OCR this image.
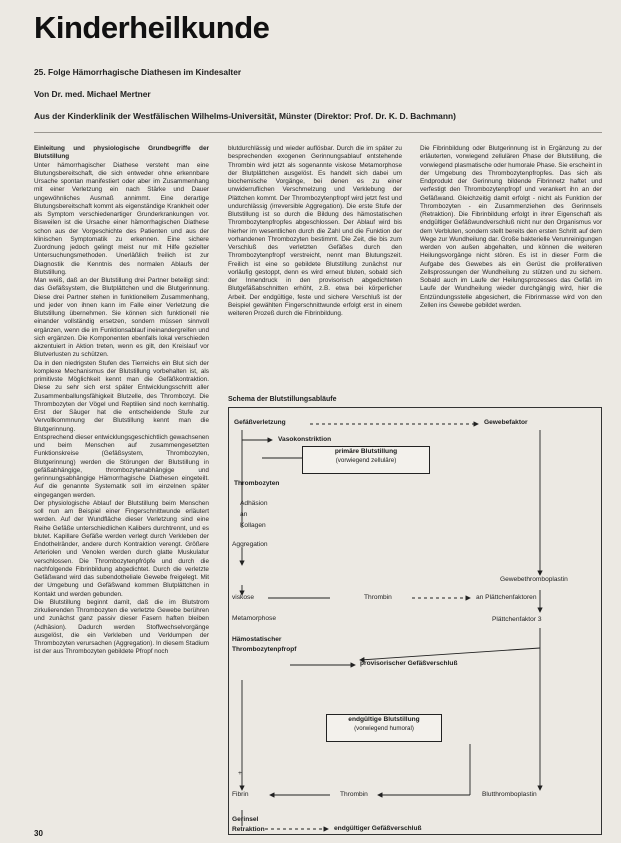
Kinderheilkunde
25. Folge Hämorrhagische Diathesen im Kindesalter
Von Dr. med. Michael Mertner
Aus der Kinderklinik der Westfälischen Wilhelms-Universität, Münster (Direktor: Prof. Dr. K. D. Bachmann)

Einleitung und physiologische Grundbegriffe der Blutstillung

Unter hämorrhagischer Diathese versteht man eine Blutungsbereitschaft, die sich entweder ohne erkennbare Ursache spontan manifestiert oder aber im Zusammenhang mit einer Verletzung ein nach Stärke und Dauer ungewöhnliches Ausmaß annimmt. Eine derartige Blutungsbereitschaft kommt als eigenständige Krankheit oder als Symptom verschiedenartiger Grunderkrankungen vor. Bisweilen ist die Ursache einer hämorrhagischen Diathese schon aus der Vorgeschichte des Patienten und aus der klinischen Symptomatik zu erkennen. Eine sichere Zuordnung jedoch gelingt meist nur mit Hilfe gezielter Untersuchungsmethoden. Unerläßlich freilich ist zur Diagnostik die Kenntnis des normalen Ablaufs der Blutstillung.

Man weiß, daß an der Blutstillung drei Partner beteiligt sind: das Gefäßsystem, die Blutplättchen und die Blutgerinnung. Diese drei Partner stehen in funktionellem Zusammenhang, und jeder von ihnen kann im Falle einer Verletzung die Blutstillung übernehmen. Sie können sich funktionell nie einander vollständig ersetzen, sondern müssen sinnvoll ergänzen, wenn die im Funktionsablauf ineinandergreifen und sich ergänzen. Die Komponenten ebenfalls lokal verschieden akzentuiert in Aktion treten, wenn es gilt, den Kreislauf vor Blutverlusten zu schützen.

Da in den niedrigsten Stufen des Tierreichs ein Blut sich der komplexe Mechanismus der Blutstillung vorbehalten ist, als primitivste Möglichkeit kennt man die Gefäßkontraktion. Diese zu sehr sich erst später Entwicklungsschritt aller Zusammenballungsfähigkeit Blutzelle, des Thrombozyt. Die Thrombozyten der Vögel und Reptilien sind noch kernhaltig. Erst der Säuger hat die entscheidende Stufe zur Vervollkommnung der Blutstillung kennt man die Blutgerinnung.

Entsprechend dieser entwicklungsgeschichtlich gewachsenen und beim Menschen auf zusammengesetzten Funktionskreise (Gefäßsystem, Thrombozyten, Blutgerinnung) werden die Störungen der Blutstillung in gefäßabhängige, thrombozytenabhängige und gerinnungsabhängige Hämorrhagische Diathesen eingeteilt. Auf die genannte Systematik soll im einzelnen später eingegangen werden.

Der physiologische Ablauf der Blutstillung beim Menschen soll nun am Beispiel einer Fingerschnittwunde erläutert werden. Auf der Wundfläche dieser Verletzung sind eine Reihe Gefäße unterschiedlichen Kalibers durchtrennt, und es blutet. Kapillare Gefäße werden verlegt durch Verkleben der Endothelränder, andere durch Kontraktion verengt. Größere Arteriolen und Venolen werden durch glatte Muskulatur verschlossen. Die Thrombozytenpfröpfe und durch die nachfolgende Fibrinbildung abgedichtet. Durch die verletzte Gefäßwand wird das subendotheliale Gewebe freigelegt. Mit der Umgebung und Gefäßwand kommen Blutplättchen in Kontakt und werden gebunden.

Die Blutstillung beginnt damit, daß die im Blutstrom zirkulierenden Thrombozyten die verletzte Gewebe berühren und zunächst ganz passiv dieser Fasern haften bleiben (Adhäsion). Dadurch werden Stoffwechselvorgänge ausgelöst, die ein Verkleben und Verklumpen der Thrombozyten verursachen (Aggregation). In diesem Stadium ist der aus Thrombozyten gebildete Pfropf noch

blutdurchlässig und wieder auflösbar. Durch die im später zu besprechenden exogenen Gerinnungsablauf entstehende Thrombin wird jetzt als sogenannte viskose Metamorphose der Blutplättchen ausgelöst. Es handelt sich dabei um biochemische Vorgänge, bei denen es zu einer unwiderruflichen Verschmelzung und Verklebung der Plättchen kommt. Der Thrombozytenpfropf wird jetzt fest und undurchlässig (irreversible Aggregation). Die erste Stufe der Blutstillung ist so durch die Bildung des hämostatischen Thrombozytenpfropfes abgeschlossen. Der Ablauf wird bis hierher im wesentlichen durch die Zahl und die Funktion der vorhandenen Thrombozyten bestimmt. Die Zeit, die bis zum Verschluß des verletzten Gefäßes durch den Thrombozytenpfropf verstreicht, nennt man Blutungszeit. Freilich ist eine so gebildete Blutstillung zunächst nur vorläufig gestoppt, denn es wird erneut bluten, sobald sich der Innendruck in den provisorisch abgedichteten Blutgefäßabschnitten erhöht, z.B. etwa bei körperlicher Arbeit. Der endgültige, feste und sichere Verschluß ist der Beispiel gewählten Fingerschnittwunde erfolgt erst in einem weiteren Prozeß durch die Fibrinbildung.

Die Fibrinbildung oder Blutgerinnung ist in Ergänzung zu der erläuterten, vorwiegend zellulären Phase der Blutstillung, die vorwiegend plasmatische oder humorale Phase. Sie erscheint in der Umgebung des Thrombozytenpfropfes. Das sich als Endprodukt der Gerinnung bildende Fibrinnetz haftet und verfestigt den Thrombozytenpfropf und verankert ihn an der Gefäßwand. Gleichzeitig damit erfolgt - nicht als Funktion der Thrombozyten - ein Zusammenziehen des Gerinnsels (Retraktion). Die Fibrinbildung erfolgt in ihrer Eigenschaft als endgültiger Gefäßwundverschluß nicht nur den Organismus vor dem Verbluten, sondern stellt bereits den ersten Schritt auf dem Wege zur Wundheilung dar. Große bakterielle Verunreinigungen werden von außen abgehalten, und können die weiteren Heilungsvorgänge nicht stören. Es ist in dieser Form die Aufgabe des Gewebes als ein Gerüst die proliferativen Zellsprossungen der Wundheilung zu stützen und zu sichern. Sobald auch im Laufe der Heilungsprozesses das Gefäß im Laufe der Wundheilung wieder durchgängig wird, hier die Entzündungsstelle abgesichert, die Fibrinmasse wird von den Zellen ins Gewebe gebildet werden.

Schema der Blutstillungsabläufe
Gefäßverletzung	Gewebefaktor
Vasokonstriktion
primäre Blutstillung
(vorwiegend zelluläre)
Thrombozyten
Adhäsion
an
Kollagen
Aggregation
Gewebethromboplastin
viskose	Thrombin	an Plättchenfaktoren
Metamorphose	Plättchenfaktor 3
Hämostatischer
Thrombozytenpfropf
provisorischer Gefäßverschluß
endgültige Blutstillung
(vorwiegend humoral)
+
Fibrin	Thrombin	Blutthromboplastin
Gerinsel
Retraktion	endgültiger Gefäßverschluß
30
